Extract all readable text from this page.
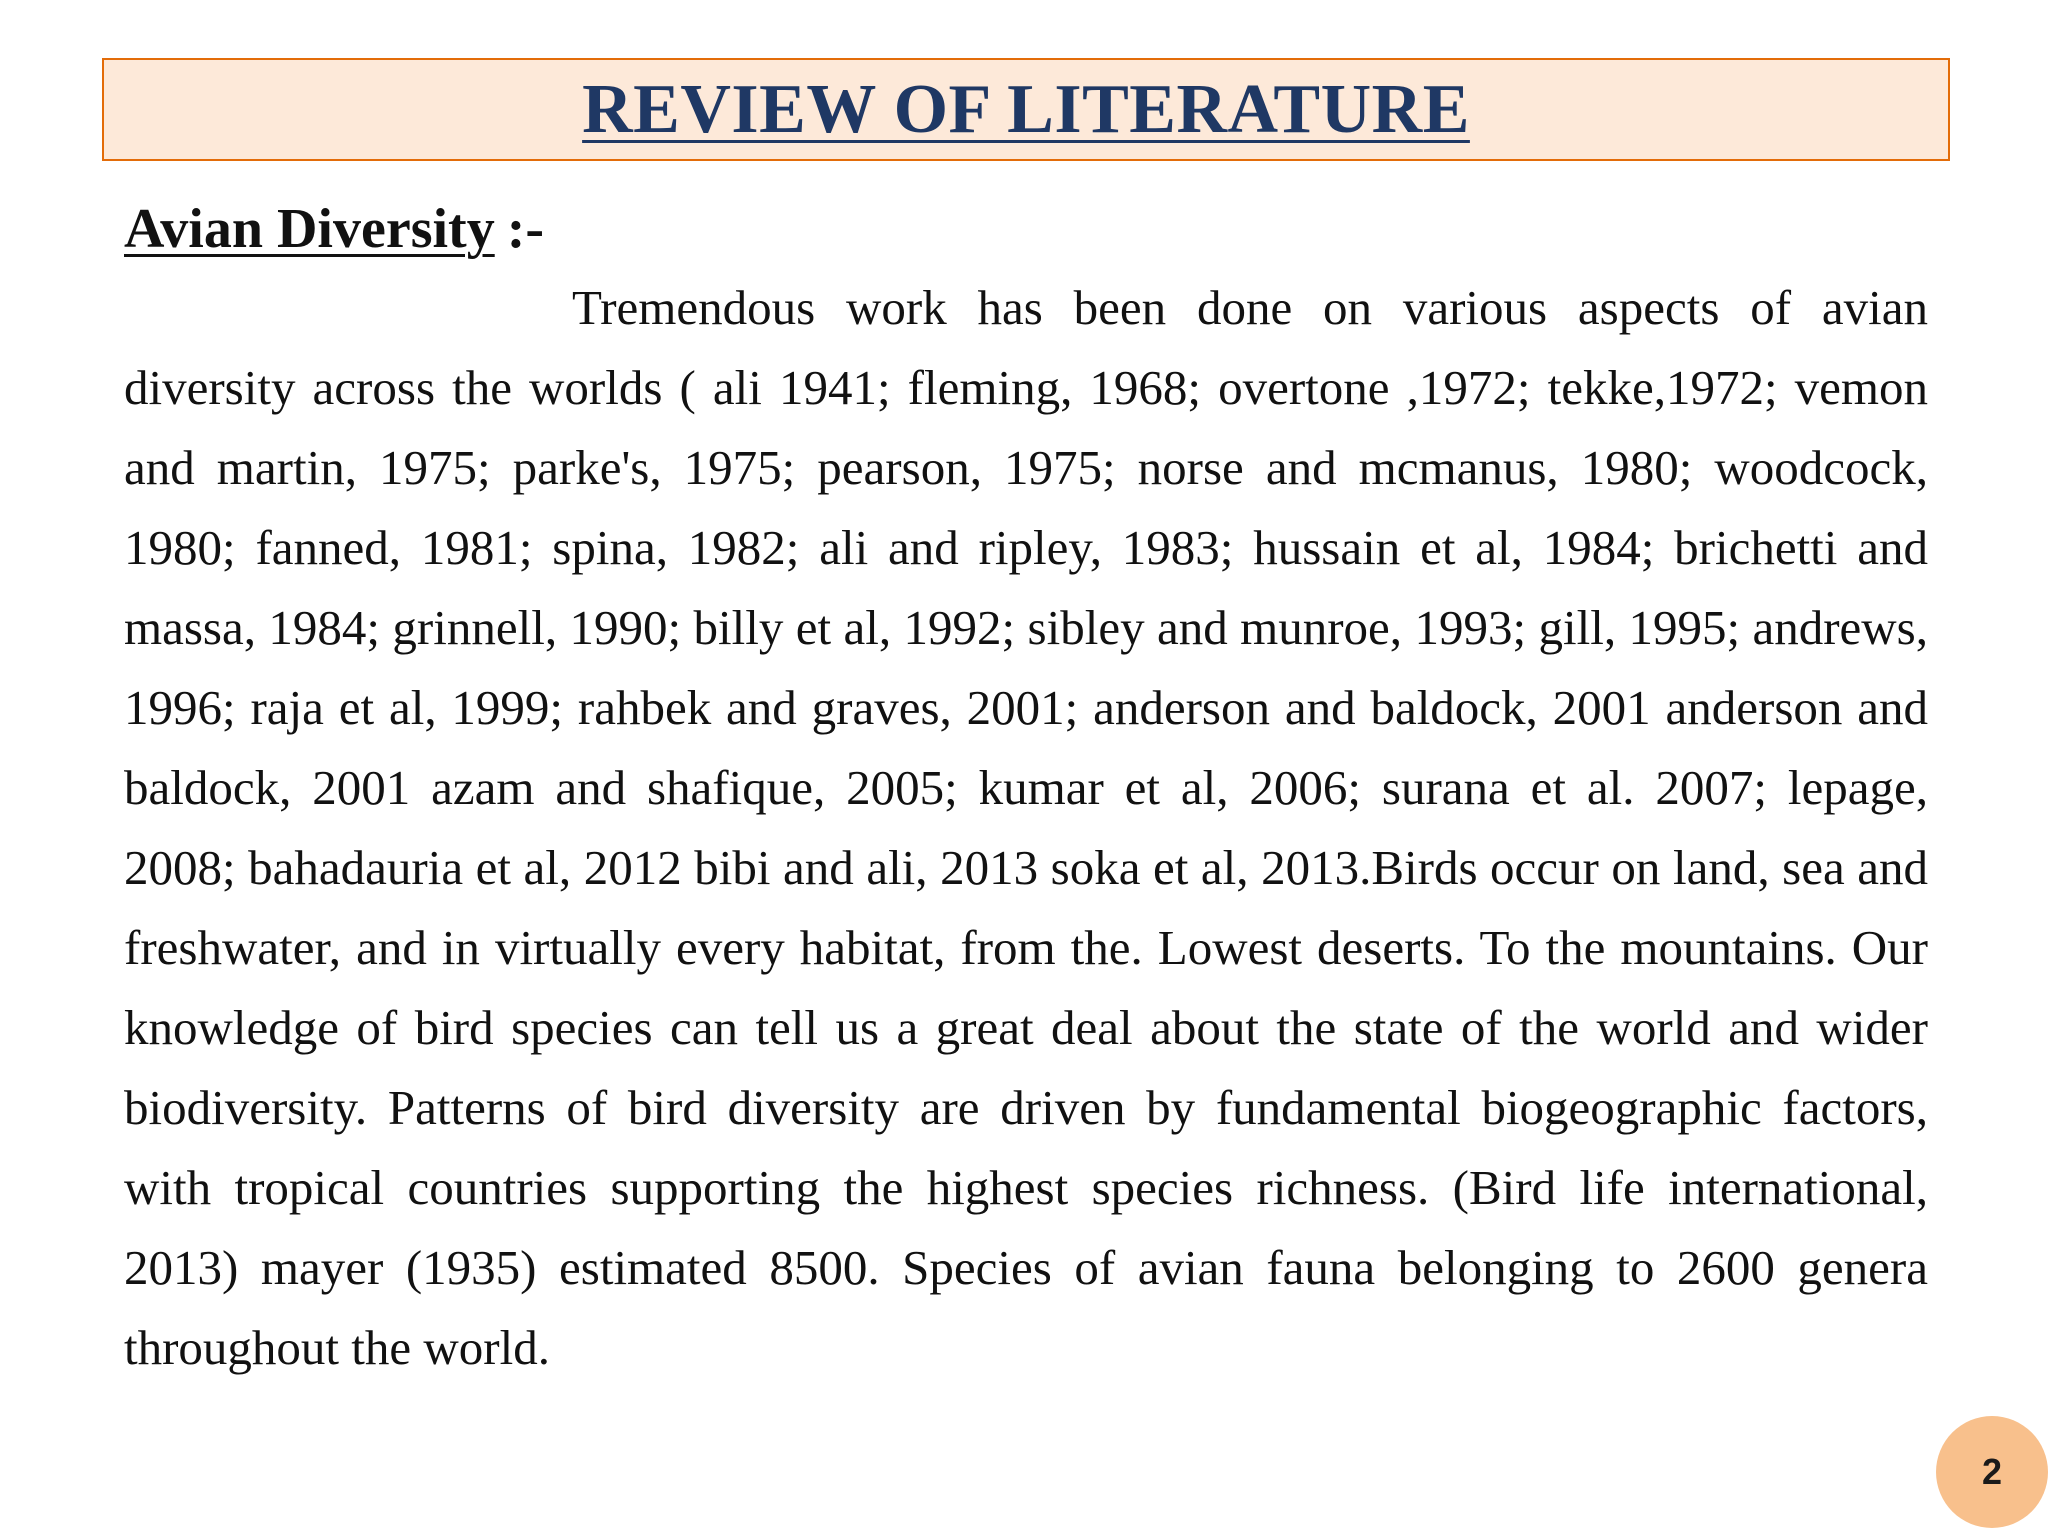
REVIEW OF LITERATURE
Avian Diversity :-

Tremendous work has been done on various aspects of avian diversity across the worlds ( ali 1941; fleming, 1968; overtone ,1972; tekke,1972; vemon and martin, 1975; parke's, 1975; pearson, 1975; norse and mcmanus, 1980; woodcock, 1980; fanned, 1981; spina, 1982; ali and ripley, 1983; hussain et al, 1984; brichetti and massa, 1984; grinnell, 1990; billy et al, 1992; sibley and munroe, 1993; gill, 1995; andrews, 1996; raja et al, 1999; rahbek and graves, 2001; anderson and baldock, 2001 anderson and baldock, 2001 azam and shafique, 2005; kumar et al, 2006; surana et al. 2007; lepage, 2008; bahadauria et al, 2012 bibi and ali, 2013 soka et al, 2013.Birds occur on land, sea and freshwater, and in virtually every habitat, from the. Lowest deserts. To the mountains. Our knowledge of bird species can tell us a great deal about the state of the world and wider biodiversity. Patterns of bird diversity are driven by fundamental biogeographic factors, with tropical countries supporting the highest species richness. (Bird life international, 2013) mayer (1935) estimated 8500. Species of avian fauna belonging to 2600 genera throughout the world.

2
